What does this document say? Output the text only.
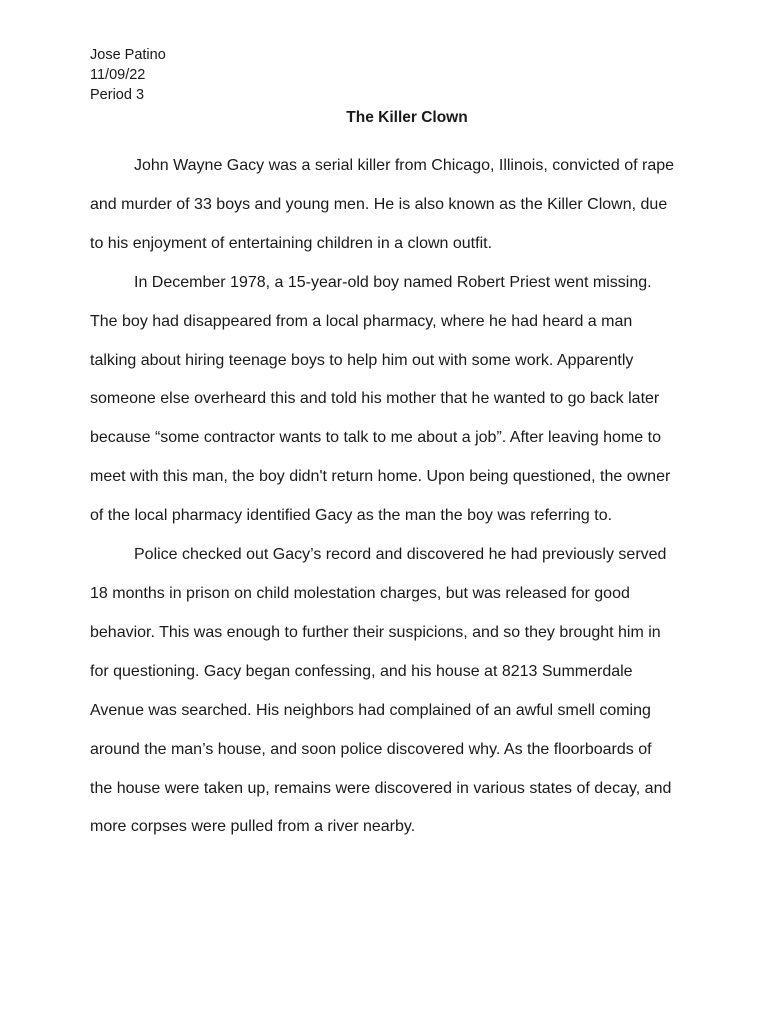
Jose Patino
11/09/22
Period 3
The Killer Clown

John Wayne Gacy was a serial killer from Chicago, Illinois, convicted of rape and murder of 33 boys and young men. He is also known as the Killer Clown, due to his enjoyment of entertaining children in a clown outfit.

In December 1978, a 15-year-old boy named Robert Priest went missing. The boy had disappeared from a local pharmacy, where he had heard a man talking about hiring teenage boys to help him out with some work. Apparently someone else overheard this and told his mother that he wanted to go back later because “some contractor wants to talk to me about a job”. After leaving home to meet with this man, the boy didn't return home. Upon being questioned, the owner of the local pharmacy identified Gacy as the man the boy was referring to.

Police checked out Gacy’s record and discovered he had previously served 18 months in prison on child molestation charges, but was released for good behavior. This was enough to further their suspicions, and so they brought him in for questioning. Gacy began confessing, and his house at 8213 Summerdale Avenue was searched. His neighbors had complained of an awful smell coming around the man’s house, and soon police discovered why. As the floorboards of the house were taken up, remains were discovered in various states of decay, and more corpses were pulled from a river nearby.
